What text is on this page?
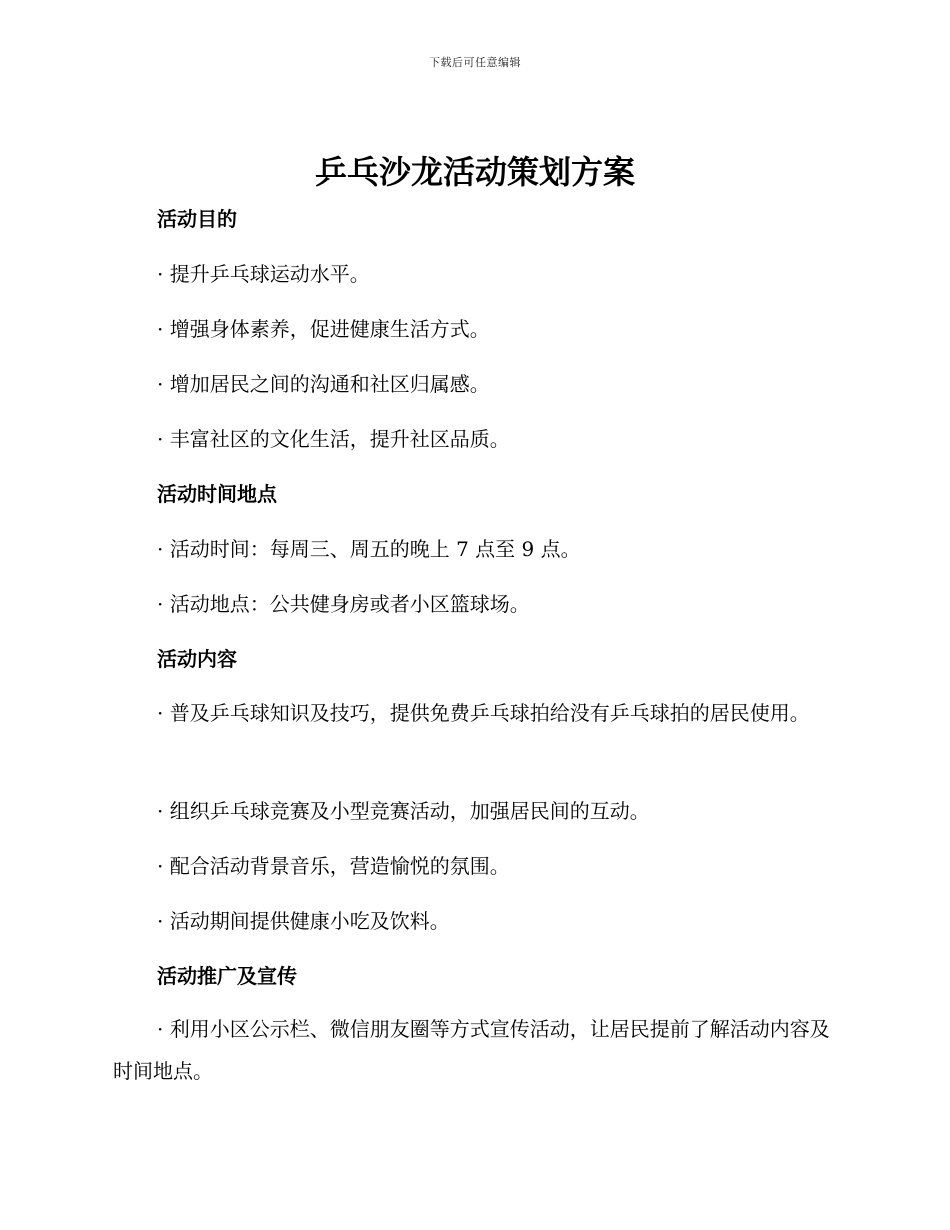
下载后可任意编辑
乒乓沙龙活动策划方案
活动目的

· 提升乒乓球运动水平。

· 增强身体素养，促进健康生活方式。

· 增加居民之间的沟通和社区归属感。

· 丰富社区的文化生活，提升社区品质。

活动时间地点

· 活动时间：每周三、周五的晚上 7 点至 9 点。

· 活动地点：公共健身房或者小区篮球场。

活动内容

· 普及乒乓球知识及技巧，提供免费乒乓球拍给没有乒乓球拍的居民使用。

· 组织乒乓球竞赛及小型竞赛活动，加强居民间的互动。

· 配合活动背景音乐，营造愉悦的氛围。

· 活动期间提供健康小吃及饮料。

活动推广及宣传

· 利用小区公示栏、微信朋友圈等方式宣传活动，让居民提前了解活动内容及时间地点。
